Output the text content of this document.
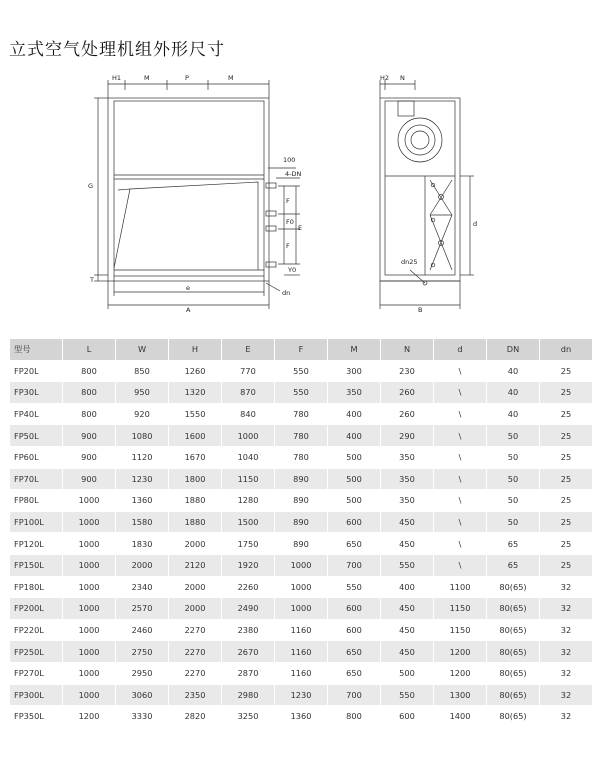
立式空气处理机组外形尺寸
H1	M	P	M
G
T
100
4-DN
F
F
F0
E
Y0
dn
e
A
H2 N
d
dn25
B
型号	L	W	H	E	F	M	N	d	DN	dn
FP20L	800	850	1260	770	550	300	230	\	40	25
FP30L	800	950	1320	870	550	350	260	\	40	25
FP40L	800	920	1550	840	780	400	260	\	40	25
FP50L	900	1080	1600	1000	780	400	290	\	50	25
FP60L	900	1120	1670	1040	780	500	350	\	50	25
FP70L	900	1230	1800	1150	890	500	350	\	50	25
FP80L	1000	1360	1880	1280	890	500	350	\	50	25
FP100L	1000	1580	1880	1500	890	600	450	\	50	25
FP120L	1000	1830	2000	1750	890	650	450	\	65	25
FP150L	1000	2000	2120	1920	1000	700	550	\	65	25
FP180L	1000	2340	2000	2260	1000	550	400	1100	80(65)	32
FP200L	1000	2570	2000	2490	1000	600	450	1150	80(65)	32
FP220L	1000	2460	2270	2380	1160	600	450	1150	80(65)	32
FP250L	1000	2750	2270	2670	1160	650	450	1200	80(65)	32
FP270L	1000	2950	2270	2870	1160	650	500	1200	80(65)	32
FP300L	1000	3060	2350	2980	1230	700	550	1300	80(65)	32
FP350L	1200	3330	2820	3250	1360	800	600	1400	80(65)	32
